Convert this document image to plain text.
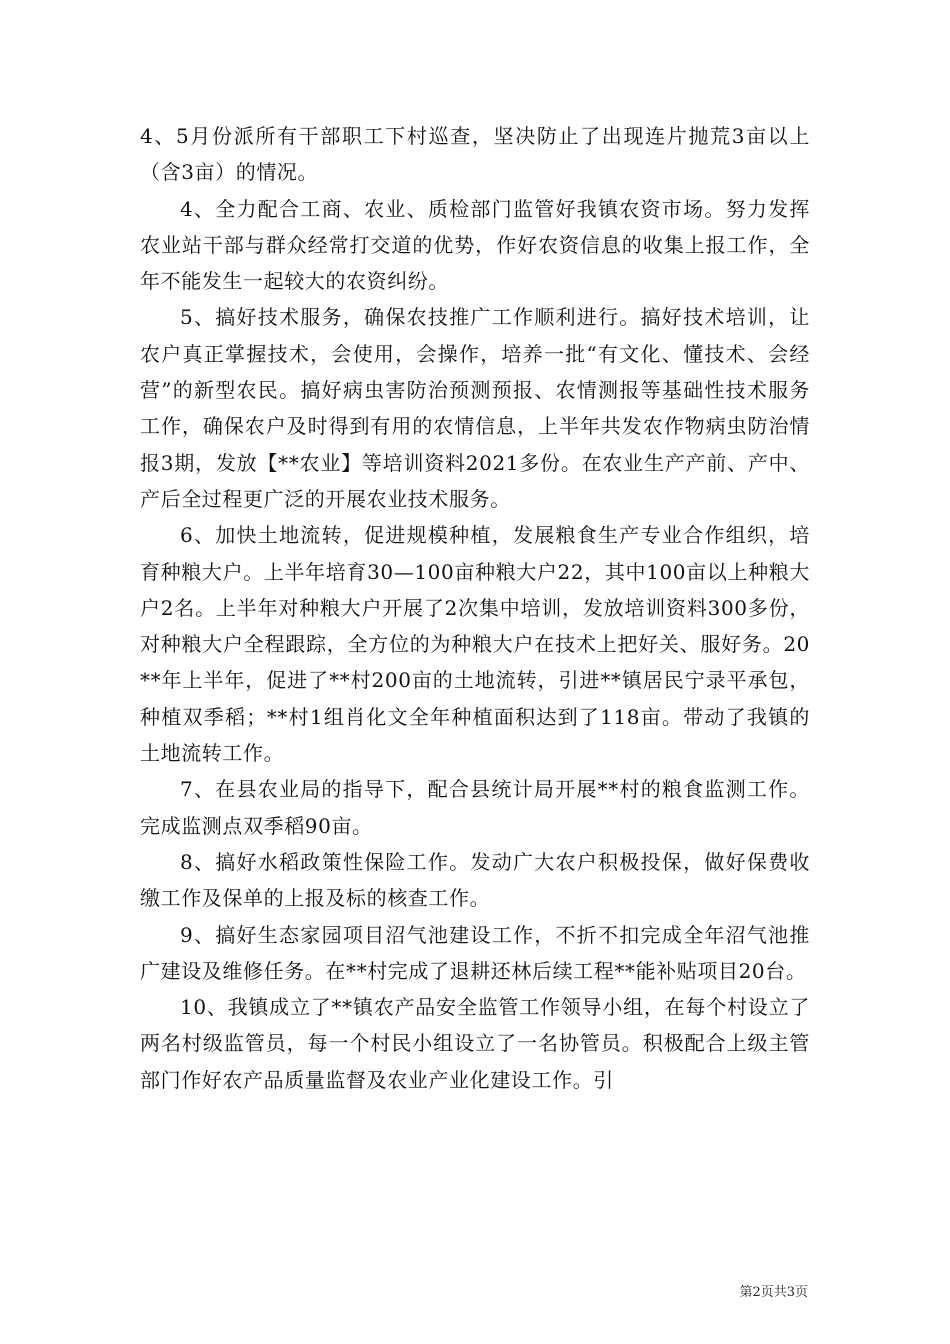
4、5月份派所有干部职工下村巡查，坚决防止了出现连片抛荒3亩以上（含3亩）的情况。

4、全力配合工商、农业、质检部门监管好我镇农资市场。努力发挥农业站干部与群众经常打交道的优势，作好农资信息的收集上报工作，全年不能发生一起较大的农资纠纷。

5、搞好技术服务，确保农技推广工作顺利进行。搞好技术培训，让农户真正掌握技术，会使用，会操作，培养一批“有文化、懂技术、会经营”的新型农民。搞好病虫害防治预测预报、农情测报等基础性技术服务工作，确保农户及时得到有用的农情信息，上半年共发农作物病虫防治情报3期，发放【**农业】等培训资料2021多份。在农业生产产前、产中、产后全过程更广泛的开展农业技术服务。

6、加快土地流转，促进规模种植，发展粮食生产专业合作组织，培育种粮大户。上半年培育30—100亩种粮大户22，其中100亩以上种粮大户2名。上半年对种粮大户开展了2次集中培训，发放培训资料300多份，对种粮大户全程跟踪，全方位的为种粮大户在技术上把好关、服好务。20**年上半年，促进了**村200亩的土地流转，引进**镇居民宁录平承包，种植双季稻；**村1组肖化文全年种植面积达到了118亩。带动了我镇的土地流转工作。

7、在县农业局的指导下，配合县统计局开展**村的粮食监测工作。完成监测点双季稻90亩。

8、搞好水稻政策性保险工作。发动广大农户积极投保，做好保费收缴工作及保单的上报及标的核查工作。

9、搞好生态家园项目沼气池建设工作，不折不扣完成全年沼气池推广建设及维修任务。在**村完成了退耕还林后续工程**能补贴项目20台。

10、我镇成立了**镇农产品安全监管工作领导小组，在每个村设立了两名村级监管员，每一个村民小组设立了一名协管员。积极配合上级主管部门作好农产品质量监督及农业产业化建设工作。引

第2页共3页
